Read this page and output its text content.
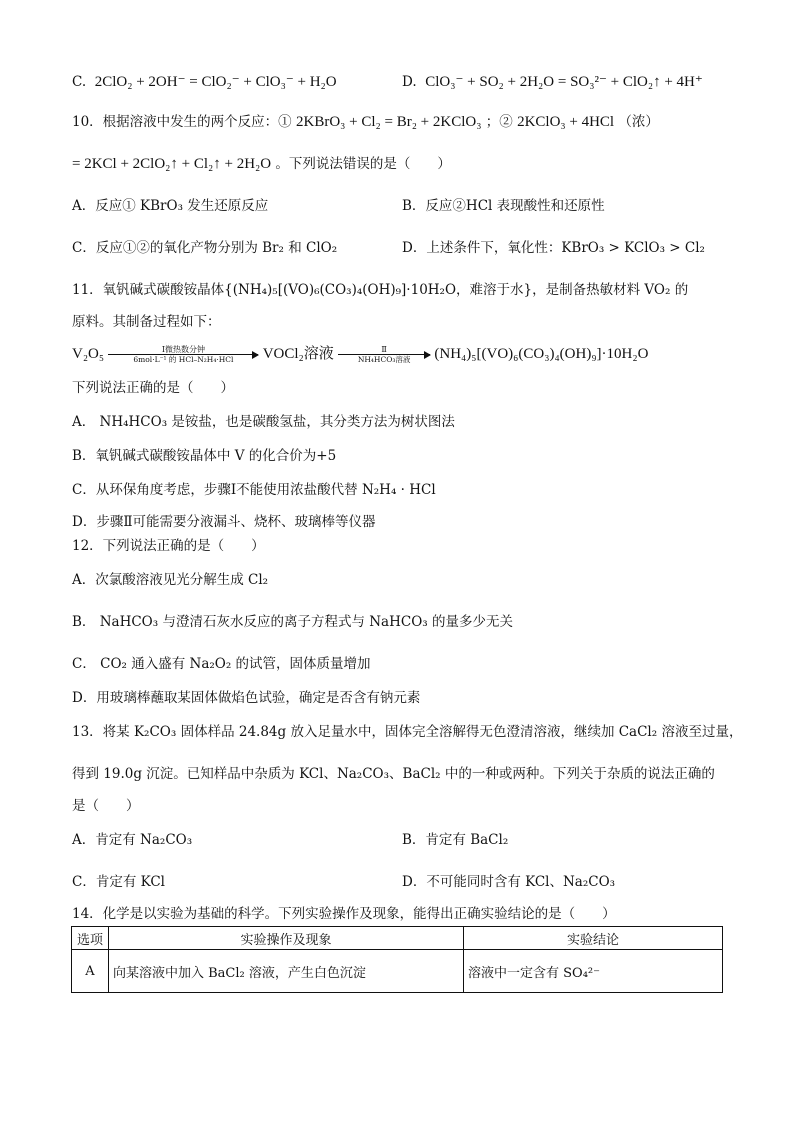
C. 2ClO₂ + 2OH⁻ = ClO₂⁻ + ClO₃⁻ + H₂O	D. ClO₃⁻ + SO₂ + 2H₂O = SO₃²⁻ + ClO₂↑ + 4H⁺
10．根据溶液中发生的两个反应：① 2KBrO₃ + Cl₂ = Br₂ + 2KClO₃ ；② 2KClO₃ + 4HCl （浓）
= 2KCl + 2ClO₂↑ + Cl₂↑ + 2H₂O 。下列说法错误的是（　　）
A．反应① KBrO₃ 发生还原反应	B．反应②HCl 表现酸性和还原性
C．反应①②的氧化产物分别为 Br₂ 和 ClO₂	D．上述条件下，氧化性：KBrO₃ > KClO₃ > Cl₂
11．氧钒碱式碳酸铵晶体{(NH₄)₅[(VO)₆(CO₃)₄(OH)₉]·10H₂O，难溶于水}，是制备热敏材料 VO₂ 的
原料。其制备过程如下：
V₂O₅	Ⅰ微热数分钟
6mol·L⁻¹ 的 HCl–N₂H₄·HCl	VOCl₂溶液	Ⅱ
NH₄HCO₃溶液	(NH₄)₅[(VO)₆(CO₃)₄(OH)₉]·10H₂O
下列说法正确的是（　　）
A． NH₄HCO₃ 是铵盐，也是碳酸氢盐，其分类方法为树状图法
B．氧钒碱式碳酸铵晶体中 V 的化合价为+5
C．从环保角度考虑，步骤Ⅰ不能使用浓盐酸代替 N₂H₄ · HCl
D．步骤Ⅱ可能需要分液漏斗、烧杯、玻璃棒等仪器
12．下列说法正确的是（　　）
A．次氯酸溶液见光分解生成 Cl₂
B． NaHCO₃ 与澄清石灰水反应的离子方程式与 NaHCO₃ 的量多少无关
C． CO₂ 通入盛有 Na₂O₂ 的试管，固体质量增加
D．用玻璃棒蘸取某固体做焰色试验，确定是否含有钠元素
13．将某 K₂CO₃ 固体样品 24.84g 放入足量水中，固体完全溶解得无色澄清溶液，继续加 CaCl₂ 溶液至过量，
得到 19.0g 沉淀。已知样品中杂质为 KCl、Na₂CO₃、BaCl₂ 中的一种或两种。下列关于杂质的说法正确的
是（　　）
A．肯定有 Na₂CO₃	B．肯定有 BaCl₂
C．肯定有 KCl	D．不可能同时含有 KCl、Na₂CO₃
14．化学是以实验为基础的科学。下列实验操作及现象，能得出正确实验结论的是（　　）
选项	实验操作及现象	实验结论
A	向某溶液中加入 BaCl₂ 溶液，产生白色沉淀	溶液中一定含有 SO₄²⁻
